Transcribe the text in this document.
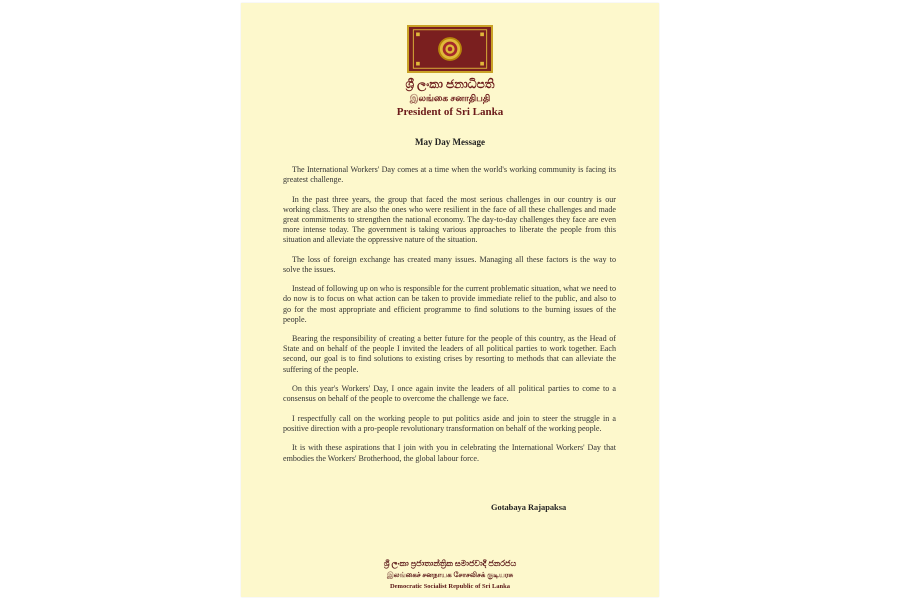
ශ්‍රී ලංකා ජනාධිපති
இலங்கை சனாதிபதி
President of Sri Lanka
May Day Message

The International Workers' Day comes at a time when the world's working community is facing its greatest challenge.

In the past three years, the group that faced the most serious challenges in our country is our working class. They are also the ones who were resilient in the face of all these challenges and made great commitments to strengthen the national economy. The day-to-day challenges they face are even more intense today. The government is taking various approaches to liberate the people from this situation and alleviate the oppressive nature of the situation.

The loss of foreign exchange has created many issues. Managing all these factors is the way to solve the issues.

Instead of following up on who is responsible for the current problematic situation, what we need to do now is to focus on what action can be taken to provide immediate relief to the public, and also to go for the most appropriate and efficient programme to find solutions to the burning issues of the people.

Bearing the responsibility of creating a better future for the people of this country, as the Head of State and on behalf of the people I invited the leaders of all political parties to work together. Each second, our goal is to find solutions to existing crises by resorting to methods that can alleviate the suffering of the people.

On this year's Workers' Day, I once again invite the leaders of all political parties to come to a consensus on behalf of the people to overcome the challenge we face.

I respectfully call on the working people to put politics aside and join to steer the struggle in a positive direction with a pro-people revolutionary transformation on behalf of the working people.

It is with these aspirations that I join with you in celebrating the International Workers' Day that embodies the Workers' Brotherhood, the global labour force.

Gotabaya Rajapaksa
ශ්‍රී ලංකා ප්‍රජාතාන්ත්‍රික සමාජවාදී ජනරජය
இலங்கைச் சனநாயக சோசலிசக் குடியரசு
Democratic Socialist Republic of Sri Lanka
